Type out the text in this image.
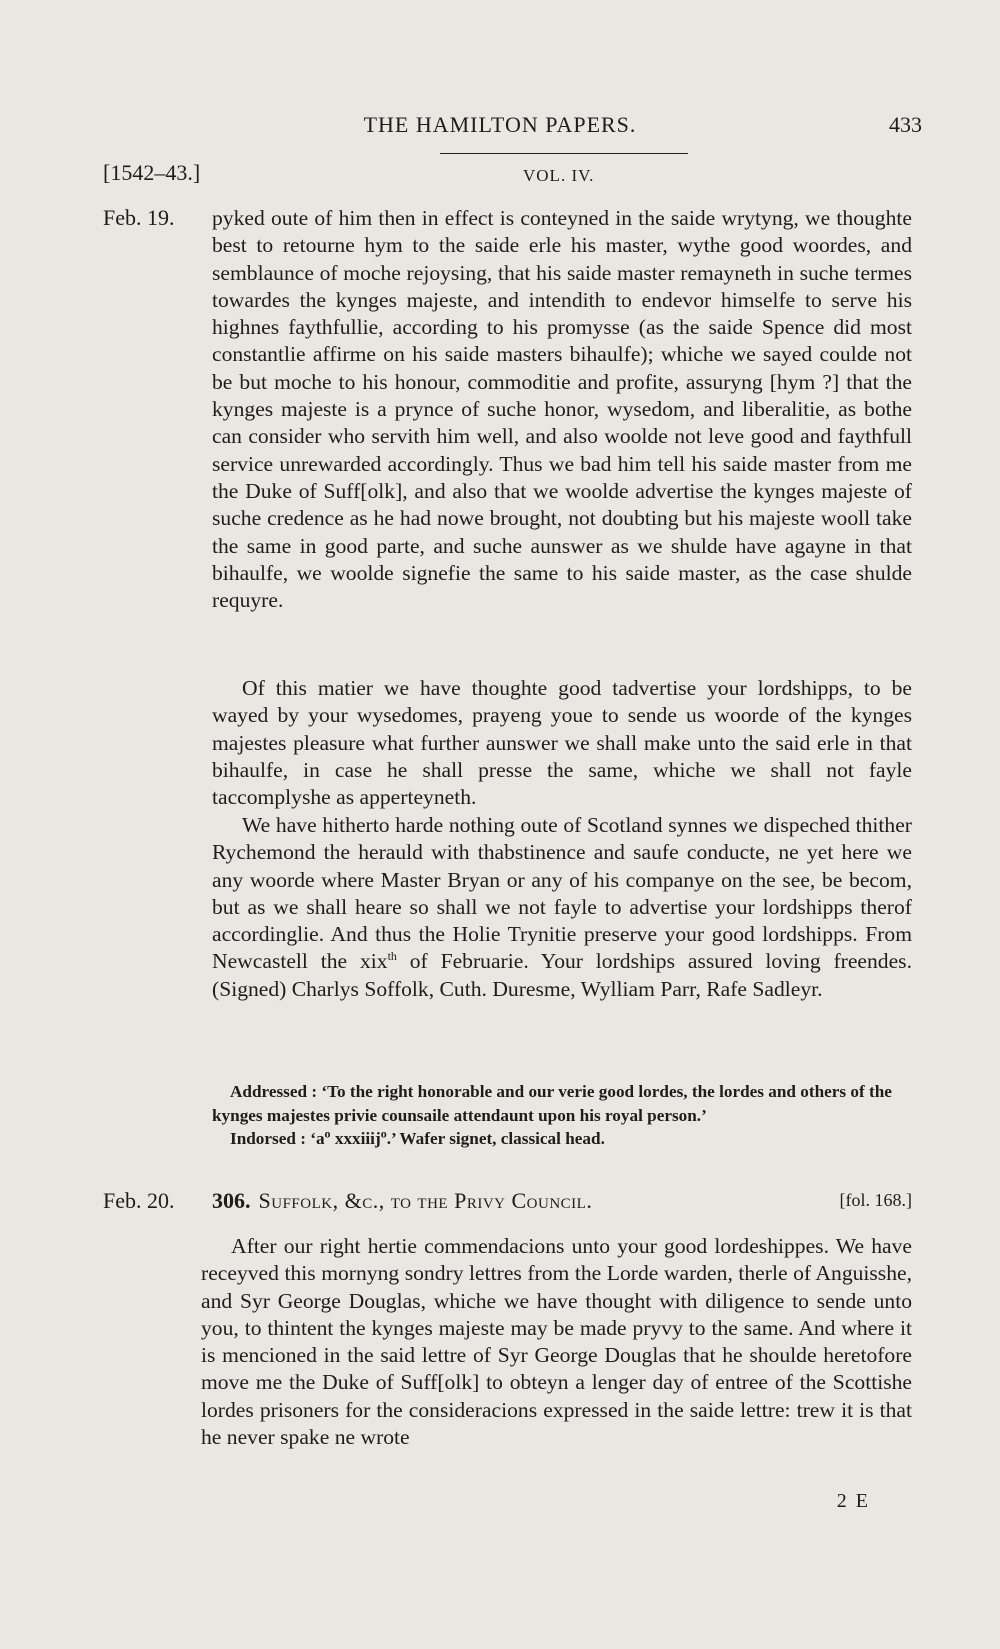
THE HAMILTON PAPERS.	433
[1542–43.]	VOL. IV.
Feb. 19. pyked oute of him then in effect is conteyned in the saide wrytyng, we thoughte best to retourne hym to the saide erle his master, wythe good woordes, and semblaunce of moche rejoysing, that his saide master remayneth in suche termes towardes the kynges majeste, and intendith to endevor himselfe to serve his highnes faythfullie, according to his promysse (as the saide Spence did most constantlie affirme on his saide masters bihaulfe); whiche we sayed coulde not be but moche to his honour, commoditie and profite, assuryng [hym ?] that the kynges majeste is a prynce of suche honor, wysedom, and liberalitie, as bothe can consider who servith him well, and also woolde not leve good and faythfull service unrewarded accordingly. Thus we bad him tell his saide master from me the Duke of Suff[olk], and also that we woolde advertise the kynges majeste of suche credence as he had nowe brought, not doubting but his majeste wooll take the same in good parte, and suche aunswer as we shulde have agayne in that bihaulfe, we woolde signefie the same to his saide master, as the case shulde requyre.

Of this matier we have thoughte good tadvertise your lordshipps, to be wayed by your wysedomes, prayeng youe to sende us woorde of the kynges majestes pleasure what further aunswer we shall make unto the said erle in that bihaulfe, in case he shall presse the same, whiche we shall not fayle taccomplyshe as apperteyneth.

We have hitherto harde nothing oute of Scotland synnes we dispeched thither Rychemond the herauld with thabstinence and saufe conducte, ne yet here we any woorde where Master Bryan or any of his companye on the see, be becom, but as we shall heare so shall we not fayle to advertise your lordshipps therof accordinglie. And thus the Holie Trynitie preserve your good lordshipps. From Newcastell the xix$^{th}$ of Februarie. Your lordships assured loving freendes. (Signed) Charlys Soffolk, Cuth. Duresme, Wylliam Parr, Rafe Sadleyr.

Addressed : ‘To the right honorable and our verie good lordes, the lordes and others of the kynges majestes privie counsaile attendaunt upon his royal person.’

Indorsed : ‘$a^o$ xxxiiij$^o$.’ Wafer signet, classical head.

Feb. 20. 306. Suffolk, &c., to the Privy Council.	[fol. 168.]

After our right hertie commendacions unto your good lordeshippes. We have receyved this mornyng sondry lettres from the Lorde warden, therle of Anguisshe, and Syr George Douglas, whiche we have thought with diligence to sende unto you, to thintent the kynges majeste may be made pryvy to the same. And where it is mencioned in the said lettre of Syr George Douglas that he shoulde heretofore move me the Duke of Suff[olk] to obteyn a lenger day of entree of the Scottishe lordes prisoners for the consideracions expressed in the saide lettre: trew it is that he never spake ne wrote

2 E
